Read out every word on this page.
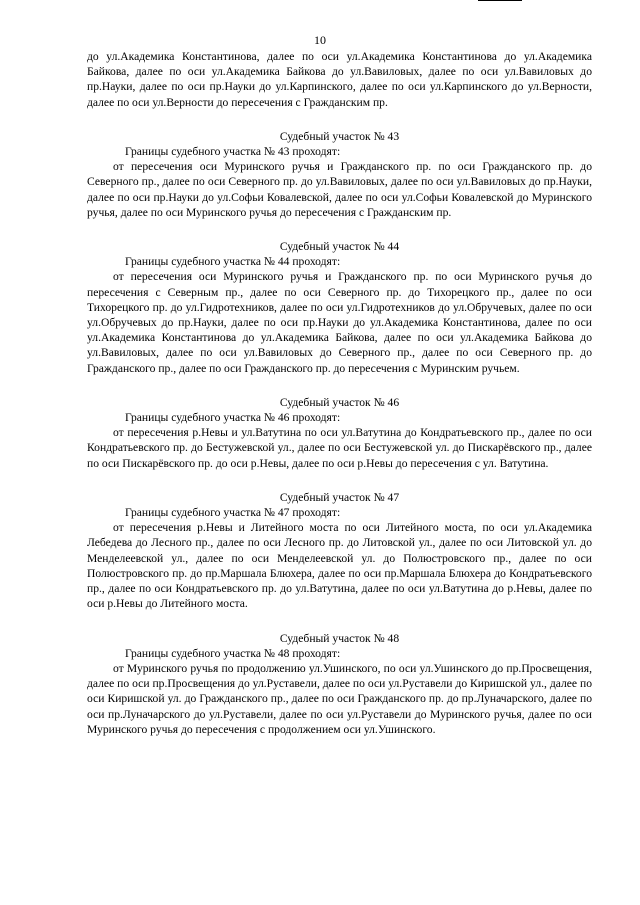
10
до ул.Академика Константинова, далее по оси ул.Академика Константинова до ул.Академика Байкова, далее по оси ул.Академика Байкова до ул.Вавиловых, далее по оси ул.Вавиловых до пр.Науки, далее по оси пр.Науки до ул.Карпинского, далее по оси ул.Карпинского до ул.Верности, далее по оси ул.Верности до пересечения с Гражданским пр.
Судебный участок № 43
Границы судебного участка № 43 проходят:
от пересечения оси Муринского ручья и Гражданского пр. по оси Гражданского пр. до Северного пр., далее по оси Северного пр. до ул.Вавиловых, далее по оси ул.Вавиловых до пр.Науки, далее по оси пр.Науки до ул.Софьи Ковалевской, далее по оси ул.Софьи Ковалевской до Муринского ручья, далее по оси Муринского ручья до пересечения с Гражданским пр.
Судебный участок № 44
Границы судебного участка № 44 проходят:
от пересечения оси Муринского ручья и Гражданского пр. по оси Муринского ручья до пересечения с Северным пр., далее по оси Северного пр. до Тихорецкого пр., далее по оси Тихорецкого пр. до ул.Гидротехников, далее по оси ул.Гидротехников до ул.Обручевых, далее по оси ул.Обручевых до пр.Науки, далее по оси пр.Науки до ул.Академика Константинова, далее по оси ул.Академика Константинова до ул.Академика Байкова, далее по оси ул.Академика Байкова до ул.Вавиловых, далее по оси ул.Вавиловых до Северного пр., далее по оси Северного пр. до Гражданского пр., далее по оси Гражданского пр. до пересечения с Муринским ручьем.
Судебный участок № 46
Границы судебного участка № 46 проходят:
от пересечения р.Невы и ул.Ватутина по оси ул.Ватутина до Кондратьевского пр., далее по оси Кондратьевского пр. до Бестужевской ул., далее по оси Бестужевской ул. до Пискарёвского пр., далее по оси Пискарёвского пр. до оси р.Невы, далее по оси р.Невы до пересечения с ул. Ватутина.
Судебный участок № 47
Границы судебного участка № 47 проходят:
от пересечения р.Невы и Литейного моста по оси Литейного моста, по оси ул.Академика Лебедева до Лесного пр., далее по оси Лесного пр. до Литовской ул., далее по оси Литовской ул. до Менделеевской ул., далее по оси Менделеевской ул. до Полюстровского пр., далее по оси Полюстровского пр. до пр.Маршала Блюхера, далее по оси пр.Маршала Блюхера до Кондратьевского пр., далее по оси Кондратьевского пр. до ул.Ватутина, далее по оси ул.Ватутина до р.Невы, далее по оси р.Невы до Литейного моста.
Судебный участок № 48
Границы судебного участка № 48 проходят:
от Муринского ручья по продолжению ул.Ушинского, по оси ул.Ушинского до пр.Просвещения, далее по оси пр.Просвещения до ул.Руставели, далее по оси ул.Руставели до Киришской ул., далее по оси Киришской ул. до Гражданского пр., далее по оси Гражданского пр. до пр.Луначарского, далее по оси пр.Луначарского до ул.Руставели, далее по оси ул.Руставели до Муринского ручья, далее по оси Муринского ручья до пересечения с продолжением оси ул.Ушинского.
